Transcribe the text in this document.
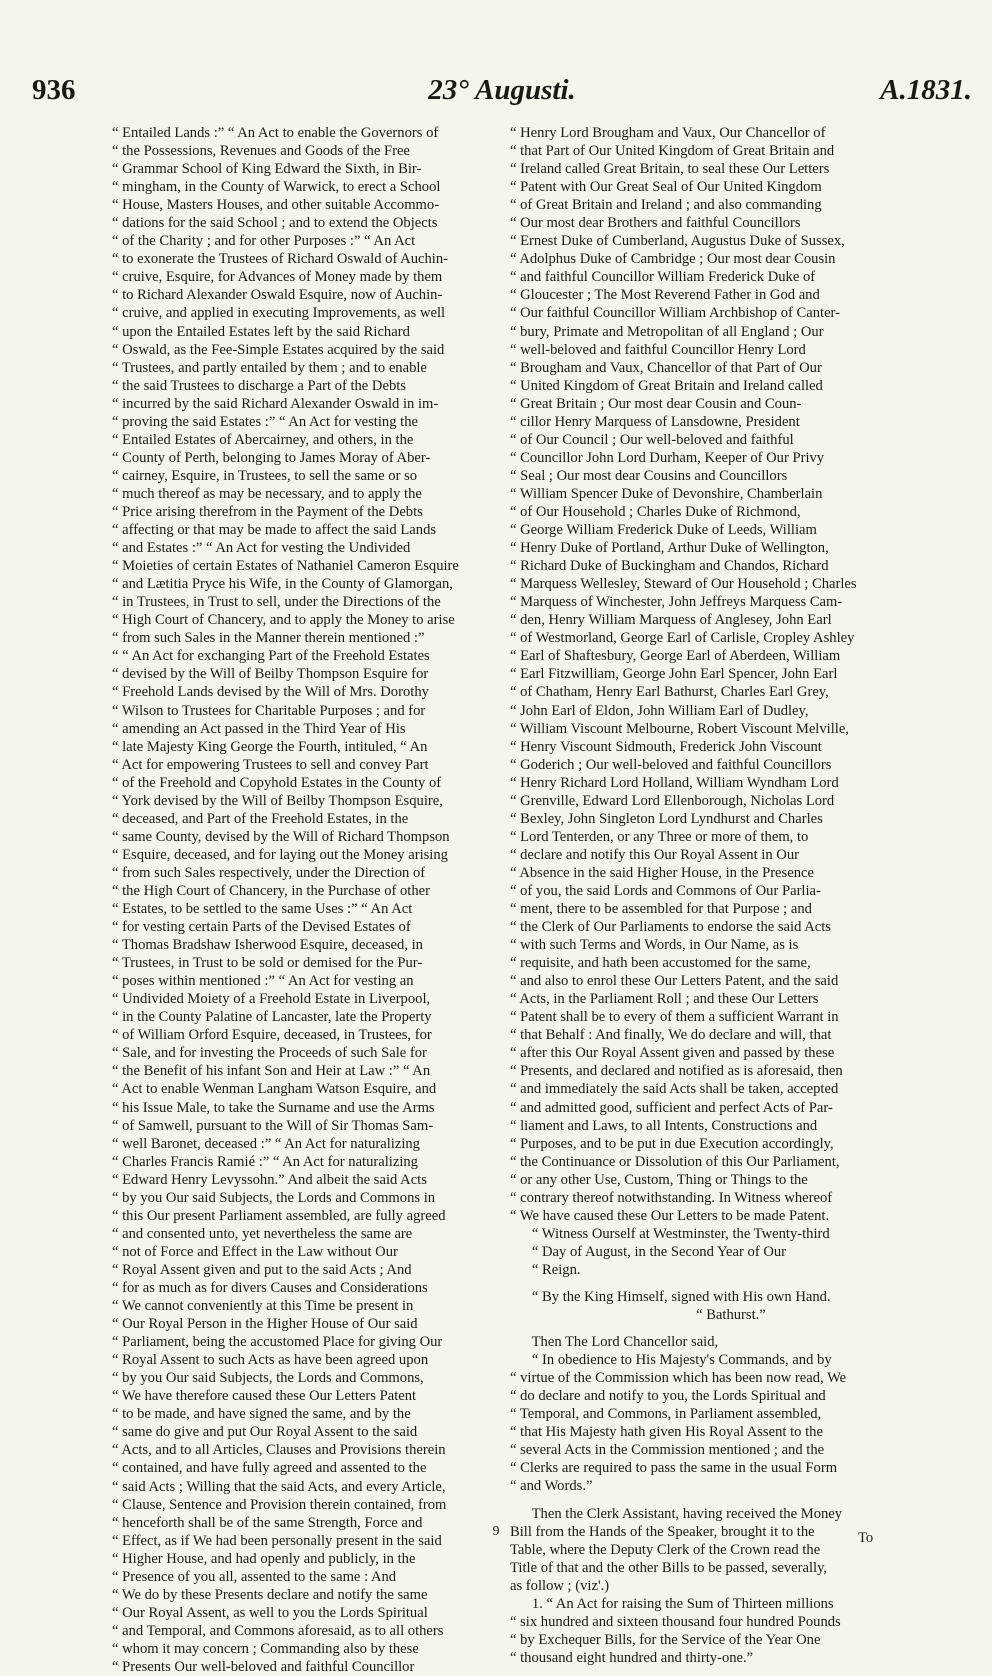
936	23° Augusti.	A.1831.
“ Entailed Lands :” “ An Act to enable the Governors of
“ the Possessions, Revenues and Goods of the Free
“ Grammar School of King Edward the Sixth, in Bir-
“ mingham, in the County of Warwick, to erect a School
“ House, Masters Houses, and other suitable Accommo-
“ dations for the said School ; and to extend the Objects
“ of the Charity ; and for other Purposes :” “ An Act
“ to exonerate the Trustees of Richard Oswald of Auchin-
“ cruive, Esquire, for Advances of Money made by them
“ to Richard Alexander Oswald Esquire, now of Auchin-
“ cruive, and applied in executing Improvements, as well
“ upon the Entailed Estates left by the said Richard
“ Oswald, as the Fee-Simple Estates acquired by the said
“ Trustees, and partly entailed by them ; and to enable
“ the said Trustees to discharge a Part of the Debts
“ incurred by the said Richard Alexander Oswald in im-
“ proving the said Estates :” “ An Act for vesting the
“ Entailed Estates of Abercairney, and others, in the
“ County of Perth, belonging to James Moray of Aber-
“ cairney, Esquire, in Trustees, to sell the same or so
“ much thereof as may be necessary, and to apply the
“ Price arising therefrom in the Payment of the Debts
“ affecting or that may be made to affect the said Lands
“ and Estates :” “ An Act for vesting the Undivided
“ Moieties of certain Estates of Nathaniel Cameron Esquire
“ and Lætitia Pryce his Wife, in the County of Glamorgan,
“ in Trustees, in Trust to sell, under the Directions of the
“ High Court of Chancery, and to apply the Money to arise
“ from such Sales in the Manner therein mentioned :”
“ “ An Act for exchanging Part of the Freehold Estates
“ devised by the Will of Beilby Thompson Esquire for
“ Freehold Lands devised by the Will of Mrs. Dorothy
“ Wilson to Trustees for Charitable Purposes ; and for
“ amending an Act passed in the Third Year of His
“ late Majesty King George the Fourth, intituled, “ An
“ Act for empowering Trustees to sell and convey Part
“ of the Freehold and Copyhold Estates in the County of
“ York devised by the Will of Beilby Thompson Esquire,
“ deceased, and Part of the Freehold Estates, in the
“ same County, devised by the Will of Richard Thompson
“ Esquire, deceased, and for laying out the Money arising
“ from such Sales respectively, under the Direction of
“ the High Court of Chancery, in the Purchase of other
“ Estates, to be settled to the same Uses :” “ An Act
“ for vesting certain Parts of the Devised Estates of
“ Thomas Bradshaw Isherwood Esquire, deceased, in
“ Trustees, in Trust to be sold or demised for the Pur-
“ poses within mentioned :” “ An Act for vesting an
“ Undivided Moiety of a Freehold Estate in Liverpool,
“ in the County Palatine of Lancaster, late the Property
“ of William Orford Esquire, deceased, in Trustees, for
“ Sale, and for investing the Proceeds of such Sale for
“ the Benefit of his infant Son and Heir at Law :” “ An
“ Act to enable Wenman Langham Watson Esquire, and
“ his Issue Male, to take the Surname and use the Arms
“ of Samwell, pursuant to the Will of Sir Thomas Sam-
“ well Baronet, deceased :” “ An Act for naturalizing
“ Charles Francis Ramié :” “ An Act for naturalizing
“ Edward Henry Levyssohn.” And albeit the said Acts
“ by you Our said Subjects, the Lords and Commons in
“ this Our present Parliament assembled, are fully agreed
“ and consented unto, yet nevertheless the same are
“ not of Force and Effect in the Law without Our
“ Royal Assent given and put to the said Acts ; And
“ for as much as for divers Causes and Considerations
“ We cannot conveniently at this Time be present in
“ Our Royal Person in the Higher House of Our said
“ Parliament, being the accustomed Place for giving Our
“ Royal Assent to such Acts as have been agreed upon
“ by you Our said Subjects, the Lords and Commons,
“ We have therefore caused these Our Letters Patent
“ to be made, and have signed the same, and by the
“ same do give and put Our Royal Assent to the said
“ Acts, and to all Articles, Clauses and Provisions therein
“ contained, and have fully agreed and assented to the
“ said Acts ; Willing that the said Acts, and every Article,
“ Clause, Sentence and Provision therein contained, from
“ henceforth shall be of the same Strength, Force and
“ Effect, as if We had been personally present in the said
“ Higher House, and had openly and publicly, in the
“ Presence of you all, assented to the same : And
“ We do by these Presents declare and notify the same
“ Our Royal Assent, as well to you the Lords Spiritual
“ and Temporal, and Commons aforesaid, as to all others
“ whom it may concern ; Commanding also by these
“ Presents Our well-beloved and faithful Councillor
“ Henry Lord Brougham and Vaux, Our Chancellor of
“ that Part of Our United Kingdom of Great Britain and
“ Ireland called Great Britain, to seal these Our Letters
“ Patent with Our Great Seal of Our United Kingdom
“ of Great Britain and Ireland ; and also commanding
“ Our most dear Brothers and faithful Councillors
“ Ernest Duke of Cumberland, Augustus Duke of Sussex,
“ Adolphus Duke of Cambridge ; Our most dear Cousin
“ and faithful Councillor William Frederick Duke of
“ Gloucester ; The Most Reverend Father in God and
“ Our faithful Councillor William Archbishop of Canter-
“ bury, Primate and Metropolitan of all England ; Our
“ well-beloved and faithful Councillor Henry Lord
“ Brougham and Vaux, Chancellor of that Part of Our
“ United Kingdom of Great Britain and Ireland called
“ Great Britain ; Our most dear Cousin and Coun-
“ cillor Henry Marquess of Lansdowne, President
“ of Our Council ; Our well-beloved and faithful
“ Councillor John Lord Durham, Keeper of Our Privy
“ Seal ; Our most dear Cousins and Councillors
“ William Spencer Duke of Devonshire, Chamberlain
“ of Our Household ; Charles Duke of Richmond,
“ George William Frederick Duke of Leeds, William
“ Henry Duke of Portland, Arthur Duke of Wellington,
“ Richard Duke of Buckingham and Chandos, Richard
“ Marquess Wellesley, Steward of Our Household ; Charles
“ Marquess of Winchester, John Jeffreys Marquess Cam-
“ den, Henry William Marquess of Anglesey, John Earl
“ of Westmorland, George Earl of Carlisle, Cropley Ashley
“ Earl of Shaftesbury, George Earl of Aberdeen, William
“ Earl Fitzwilliam, George John Earl Spencer, John Earl
“ of Chatham, Henry Earl Bathurst, Charles Earl Grey,
“ John Earl of Eldon, John William Earl of Dudley,
“ William Viscount Melbourne, Robert Viscount Melville,
“ Henry Viscount Sidmouth, Frederick John Viscount
“ Goderich ; Our well-beloved and faithful Councillors
“ Henry Richard Lord Holland, William Wyndham Lord
“ Grenville, Edward Lord Ellenborough, Nicholas Lord
“ Bexley, John Singleton Lord Lyndhurst and Charles
“ Lord Tenterden, or any Three or more of them, to
“ declare and notify this Our Royal Assent in Our
“ Absence in the said Higher House, in the Presence
“ of you, the said Lords and Commons of Our Parlia-
“ ment, there to be assembled for that Purpose ; and
“ the Clerk of Our Parliaments to endorse the said Acts
“ with such Terms and Words, in Our Name, as is
“ requisite, and hath been accustomed for the same,
“ and also to enrol these Our Letters Patent, and the said
“ Acts, in the Parliament Roll ; and these Our Letters
“ Patent shall be to every of them a sufficient Warrant in
“ that Behalf : And finally, We do declare and will, that
“ after this Our Royal Assent given and passed by these
“ Presents, and declared and notified as is aforesaid, then
“ and immediately the said Acts shall be taken, accepted
“ and admitted good, sufficient and perfect Acts of Par-
“ liament and Laws, to all Intents, Constructions and
“ Purposes, and to be put in due Execution accordingly,
“ the Continuance or Dissolution of this Our Parliament,
“ or any other Use, Custom, Thing or Things to the
“ contrary thereof notwithstanding. In Witness whereof
“ We have caused these Our Letters to be made Patent.
“ Witness Ourself at Westminster, the Twenty-third
“ Day of August, in the Second Year of Our
“ Reign.
“ By the King Himself, signed with His own Hand.
“ Bathurst.”
Then The Lord Chancellor said,
“ In obedience to His Majesty's Commands, and by
“ virtue of the Commission which has been now read, We
“ do declare and notify to you, the Lords Spiritual and
“ Temporal, and Commons, in Parliament assembled,
“ that His Majesty hath given His Royal Assent to the
“ several Acts in the Commission mentioned ; and the
“ Clerks are required to pass the same in the usual Form
“ and Words.”
Then the Clerk Assistant, having received the Money
Bill from the Hands of the Speaker, brought it to the
Table, where the Deputy Clerk of the Crown read the
Title of that and the other Bills to be passed, severally,
as follow ; (viz'.)
1. “ An Act for raising the Sum of Thirteen millions
“ six hundred and sixteen thousand four hundred Pounds
“ by Exchequer Bills, for the Service of the Year One
“ thousand eight hundred and thirty-one.”
9	To
